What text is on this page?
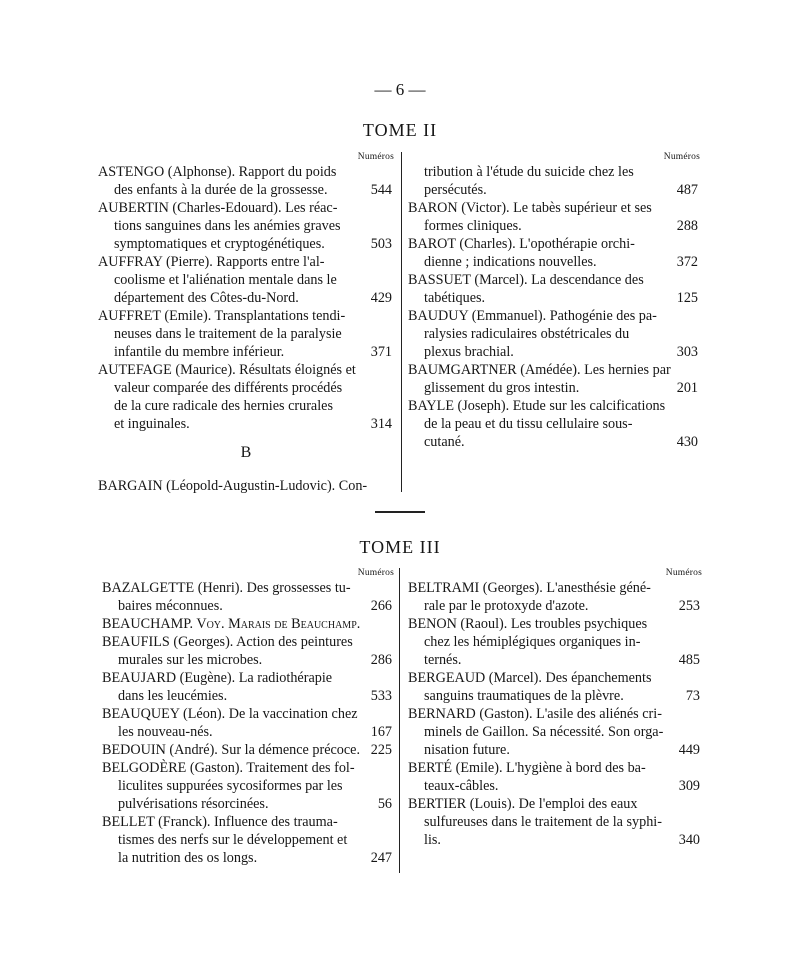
— 6 —
TOME II
Numéros
ASTENGO (Alphonse). Rapport du poids
des enfants à la durée de la grossesse.	544
AUBERTIN (Charles-Edouard). Les réac-
tions sanguines dans les anémies graves
symptomatiques et cryptogénétiques.	503
AUFFRAY (Pierre). Rapports entre l'al-
coolisme et l'aliénation mentale dans le
département des Côtes-du-Nord.	429
AUFFRET (Emile). Transplantations tendi-
neuses dans le traitement de la paralysie
infantile du membre inférieur.	371
AUTEFAGE (Maurice). Résultats éloignés et
valeur comparée des différents procédés
de la cure radicale des hernies crurales
et inguinales.	314
B
BARGAIN (Léopold-Augustin-Ludovic). Con-
Numéros
tribution à l'étude du suicide chez les
persécutés.	487
BARON (Victor). Le tabès supérieur et ses
formes cliniques.	288
BAROT (Charles). L'opothérapie orchi-
dienne ; indications nouvelles.	372
BASSUET (Marcel). La descendance des
tabétiques.	125
BAUDUY (Emmanuel). Pathogénie des pa-
ralysies radiculaires obstétricales du
plexus brachial.	303
BAUMGARTNER (Amédée). Les hernies par
glissement du gros intestin.	201
BAYLE (Joseph). Etude sur les calcifications
de la peau et du tissu cellulaire sous-
cutané.	430
TOME III
Numéros
BAZALGETTE (Henri). Des grossesses tu-
baires méconnues.	266
BEAUCHAMP. Voy. Marais de Beauchamp.
BEAUFILS (Georges). Action des peintures
murales sur les microbes.	286
BEAUJARD (Eugène). La radiothérapie
dans les leucémies.	533
BEAUQUEY (Léon). De la vaccination chez
les nouveau-nés.	167
BEDOUIN (André). Sur la démence précoce. 225
BELGODÈRE (Gaston). Traitement des fol-
liculites suppurées sycosiformes par les
pulvérisations résorcinées.	56
BELLET (Franck). Influence des trauma-
tismes des nerfs sur le développement et
la nutrition des os longs.	247
Numéros
BELTRAMI (Georges). L'anesthésie géné-
rale par le protoxyde d'azote.	253
BENON (Raoul). Les troubles psychiques
chez les hémiplégiques organiques in-
ternés.	485
BERGEAUD (Marcel). Des épanchements
sanguins traumatiques de la plèvre.	73
BERNARD (Gaston). L'asile des aliénés cri-
minels de Gaillon. Sa nécessité. Son orga-
nisation future.	449
BERTÉ (Emile). L'hygiène à bord des ba-
teaux-câbles.	309
BERTIER (Louis). De l'emploi des eaux
sulfureuses dans le traitement de la syphi-
lis.	340
